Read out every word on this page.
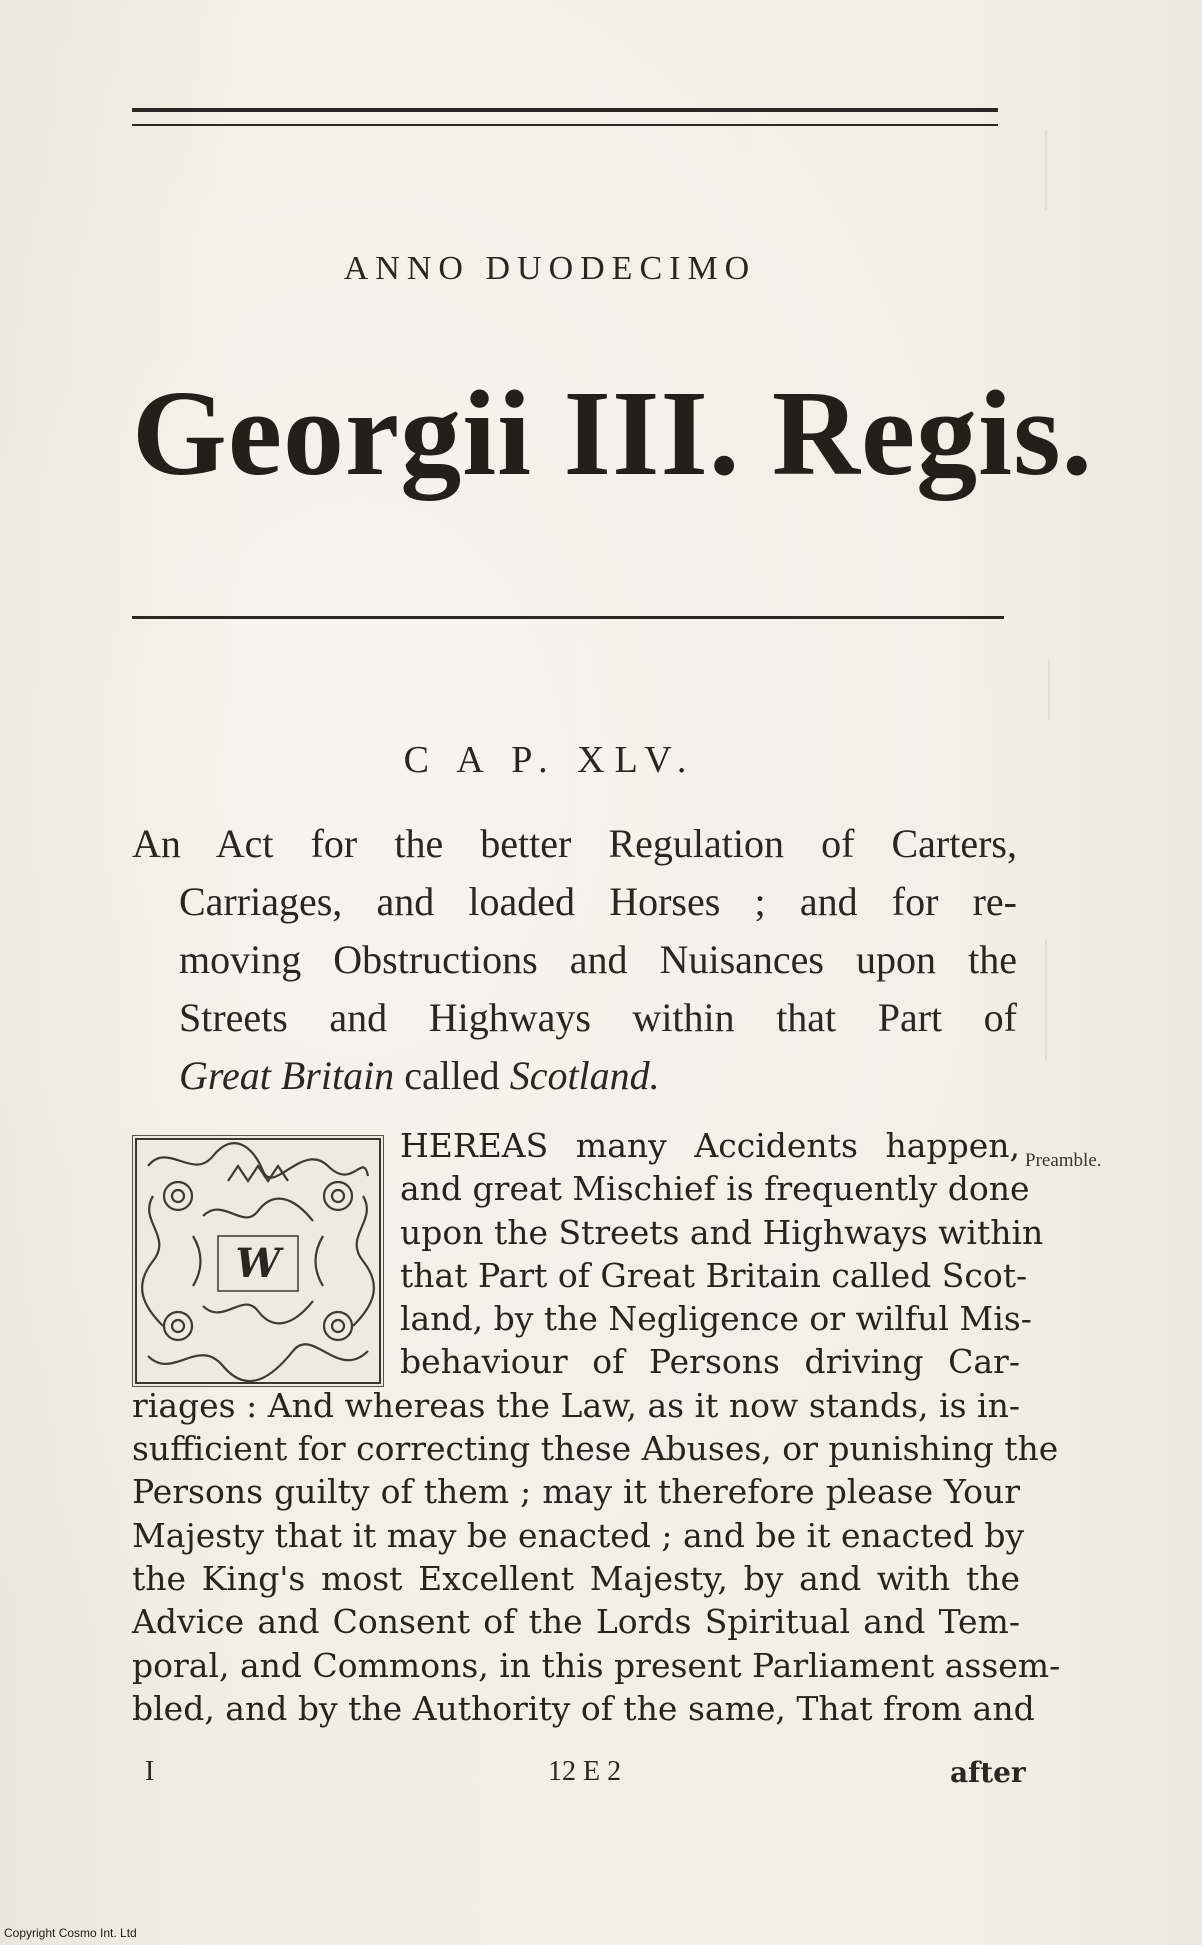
ANNO DUODECIMO
Georgii III. Regis.
C A P. XLV.
An Act for the better Regulation of Carters,
Carriages, and loaded Horses ; and for re-
moving Obstructions and Nuisances upon the
Streets and Highways within that Part of
Great Britain called Scotland.
W
HEREAS many Accidents happen,
and great Mischief is frequently done
upon the Streets and Highways within
that Part of Great Britain called Scot-
land, by the Negligence or wilful Mis-
behaviour of Persons driving Car-
riages : And whereas the Law, as it now stands, is in-
sufficient for correcting these Abuses, or punishing the
Persons guilty of them ; may it therefore please Your
Majesty that it may be enacted ; and be it enacted by
the King's most Excellent Majesty, by and with the
Advice and Consent of the Lords Spiritual and Tem-
poral, and Commons, in this present Parliament assem-
bled, and by the Authority of the same, That from and
Preamble.
I	12 E 2	after
Copyright Cosmo Int. Ltd
